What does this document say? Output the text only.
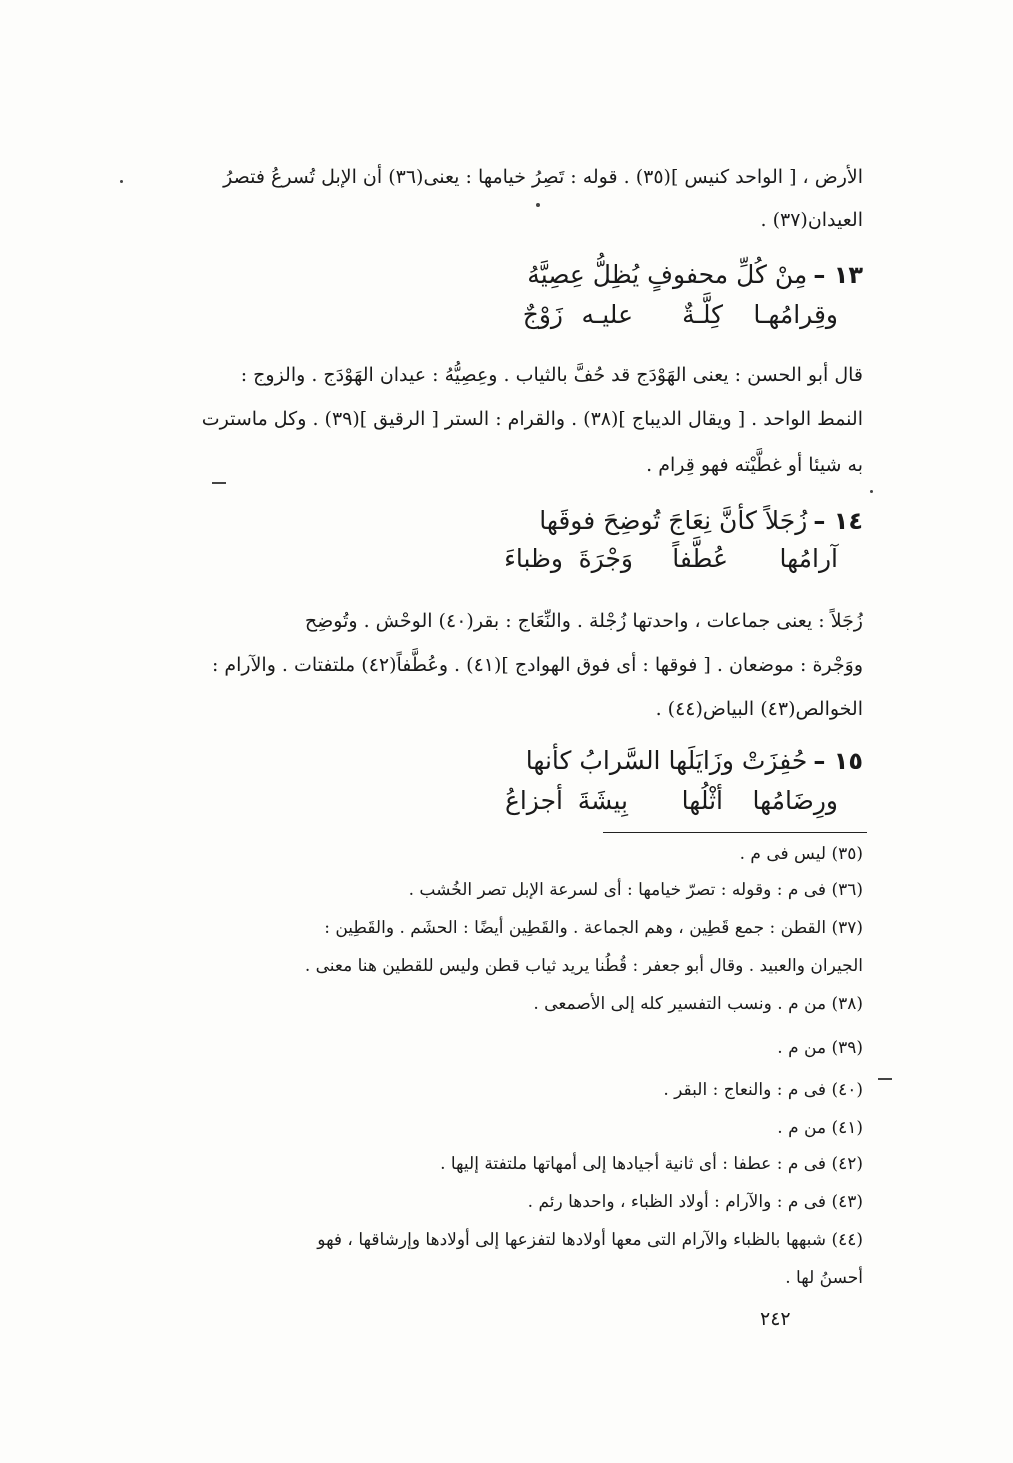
الأرض ، [ الواحد كنيس ](٣٥) . قوله : تَصِرُ خيامها : يعنى(٣٦) أن الإبل تُسرعُ فتصرُ
العيدان(٣٧) .
١٣ – مِنْ كُلِّ محفوفٍ يُظِلُّ عِصِيَّهُ
زَوْجٌ عليـه كِلَّـةٌ وقِرامُهـا
قال أبو الحسن : يعنى الهَوْدَج قد حُفَّ بالثياب . وعِصِيُّهُ : عيدان الهَوْدَج . والزوج :
النمط الواحد . [ ويقال الديباج ](٣٨) . والقرام : الستر [ الرقيق ](٣٩) . وكل ماسترت
به شيئا أو غطَّيْته فهو قِرام .
١٤ – زُجَلاً كأنَّ نِعَاجَ تُوضِحَ فوقَها
وظباءَ وَجْرَةَ عُطَّفاً آرامُها
زُجَلاً : يعنى جماعات ، واحدتها زُجْلة . والنِّعَاج : بقر(٤٠) الوحْش . وتُوضِح
ووَجْرة : موضعان . [ فوقها : أى فوق الهوادج ](٤١) . وعُطَّفاً(٤٢) ملتفتات . والآرام :
الخوالص(٤٣) البياض(٤٤) .
١٥ – حُفِزَتْ وزَايَلَها السَّرابُ كأنها
أجزاعُ بِيشَةَ أثْلُها ورِضَامُها
(٣٥) ليس فى م .
(٣٦) فى م : وقوله : تصرّ خيامها : أى لسرعة الإبل تصر الخُشب .
(٣٧) القطن : جمع قَطِين ، وهم الجماعة . والقَطِين أيضًا : الحشَم . والقَطِين :
الجيران والعبيد . وقال أبو جعفر : قُطُنا يريد ثياب قطن وليس للقطين هنا معنى .
(٣٨) من م . ونسب التفسير كله إلى الأصمعى .
(٣٩) من م .
(٤٠) فى م : والنعاج : البقر .
(٤١) من م .
(٤٢) فى م : عطفا : أى ثانية أجيادها إلى أمهاتها ملتفتة إليها .
(٤٣) فى م : والآرام : أولاد الظباء ، واحدها رئم .
(٤٤) شبهها بالظباء والآرام التى معها أولادها لتفزعها إلى أولادها وإرشاقها ، فهو
أحسنُ لها .
٢٤٢
